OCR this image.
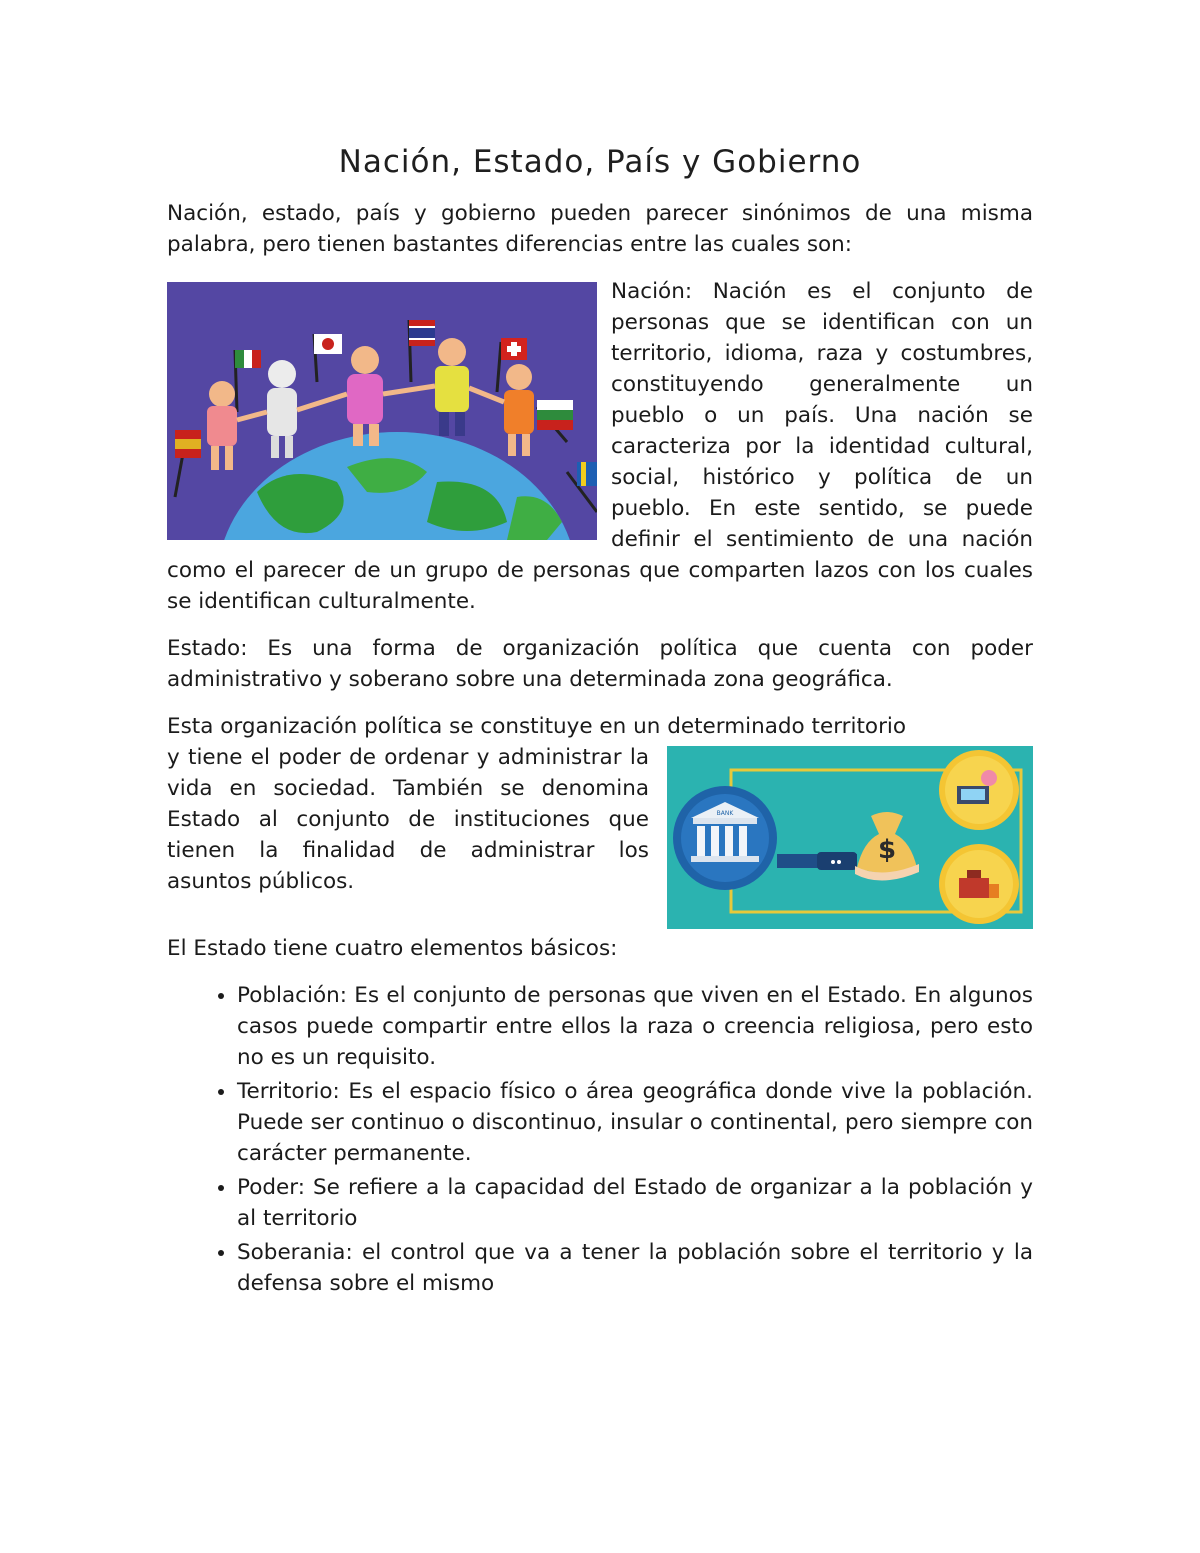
Nación, Estado, País y Gobierno

Nación, estado, país y gobierno pueden parecer sinónimos de una misma palabra, pero tienen bastantes diferencias entre las cuales son:

Nación: Nación es el conjunto de personas que se identifican con un territorio, idioma, raza y costumbres, constituyendo generalmente un pueblo o un país. Una nación se caracteriza por la identidad cultural, social, histórico y política de un pueblo. En este sentido, se puede definir el sentimiento de una nación como el parecer de un grupo de personas que comparten lazos con los cuales se identifican culturalmente.

Estado: Es una forma de organización política que cuenta con poder administrativo y soberano sobre una determinada zona geográfica.

Esta organización política se constituye en un determinado territorio

BANK
$

y tiene el poder de ordenar y administrar la vida en sociedad. También se denomina Estado al conjunto de instituciones que tienen la finalidad de administrar los asuntos públicos.

El Estado tiene cuatro elementos básicos:

• Población: Es el conjunto de personas que viven en el Estado. En algunos casos puede compartir entre ellos la raza o creencia religiosa, pero esto no es un requisito.
• Territorio: Es el espacio físico o área geográfica donde vive la población. Puede ser continuo o discontinuo, insular o continental, pero siempre con carácter permanente.
• Poder: Se refiere a la capacidad del Estado de organizar a la población y al territorio
• Soberania: el control que va a tener la población sobre el territorio y la defensa sobre el mismo
